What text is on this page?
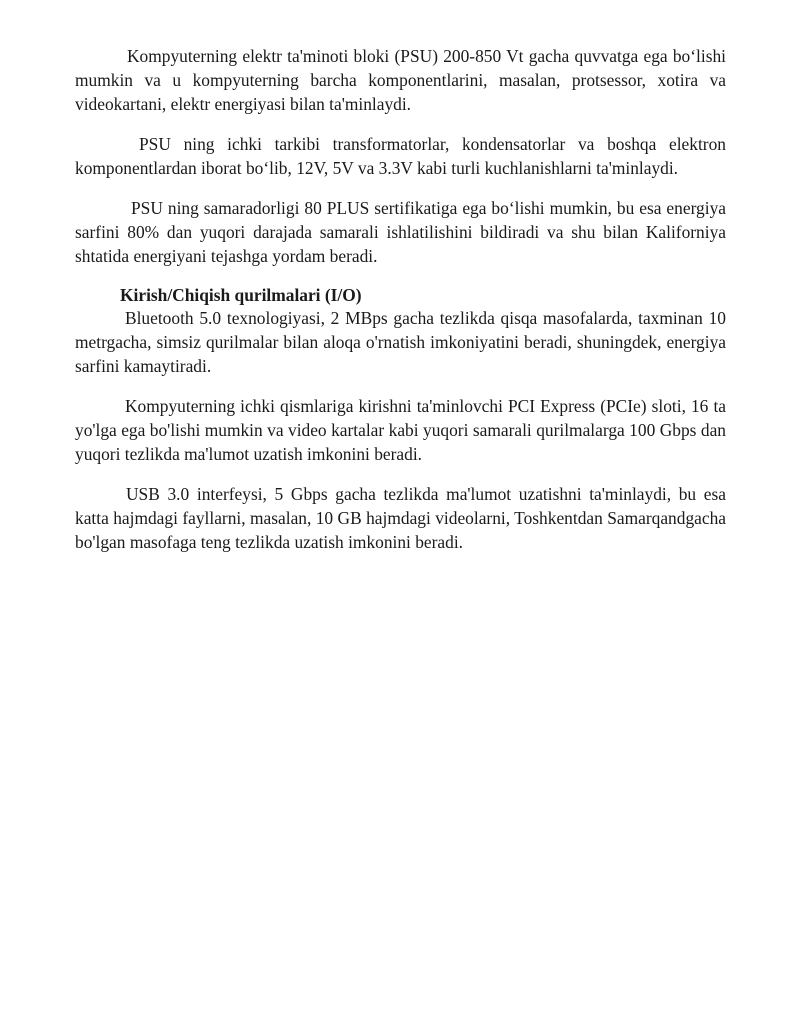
Kompyuterning elektr ta'minoti bloki (PSU) 200-850 Vt gacha quvvatga ega bo‘lishi mumkin va u kompyuterning barcha komponentlarini, masalan, protsessor, xotira va videokartani, elektr energiyasi bilan ta'minlaydi.

PSU ning ichki tarkibi transformatorlar, kondensatorlar va boshqa elektron komponentlardan iborat bo‘lib, 12V, 5V va 3.3V kabi turli kuchlanishlarni ta'minlaydi.

PSU ning samaradorligi 80 PLUS sertifikatiga ega bo‘lishi mumkin, bu esa energiya sarfini 80% dan yuqori darajada samarali ishlatilishini bildiradi va shu bilan Kaliforniya shtatida energiyani tejashga yordam beradi.

Kirish/Chiqish qurilmalari (I/O)

Bluetooth 5.0 texnologiyasi, 2 MBps gacha tezlikda qisqa masofalarda, taxminan 10 metrgacha, simsiz qurilmalar bilan aloqa o'rnatish imkoniyatini beradi, shuningdek, energiya sarfini kamaytiradi.

Kompyuterning ichki qismlariga kirishni ta'minlovchi PCI Express (PCIe) sloti, 16 ta yo'lga ega bo'lishi mumkin va video kartalar kabi yuqori samarali qurilmalarga 100 Gbps dan yuqori tezlikda ma'lumot uzatish imkonini beradi.

USB 3.0 interfeysi, 5 Gbps gacha tezlikda ma'lumot uzatishni ta'minlaydi, bu esa katta hajmdagi fayllarni, masalan, 10 GB hajmdagi videolarni, Toshkentdan Samarqandgacha bo'lgan masofaga teng tezlikda uzatish imkonini beradi.
